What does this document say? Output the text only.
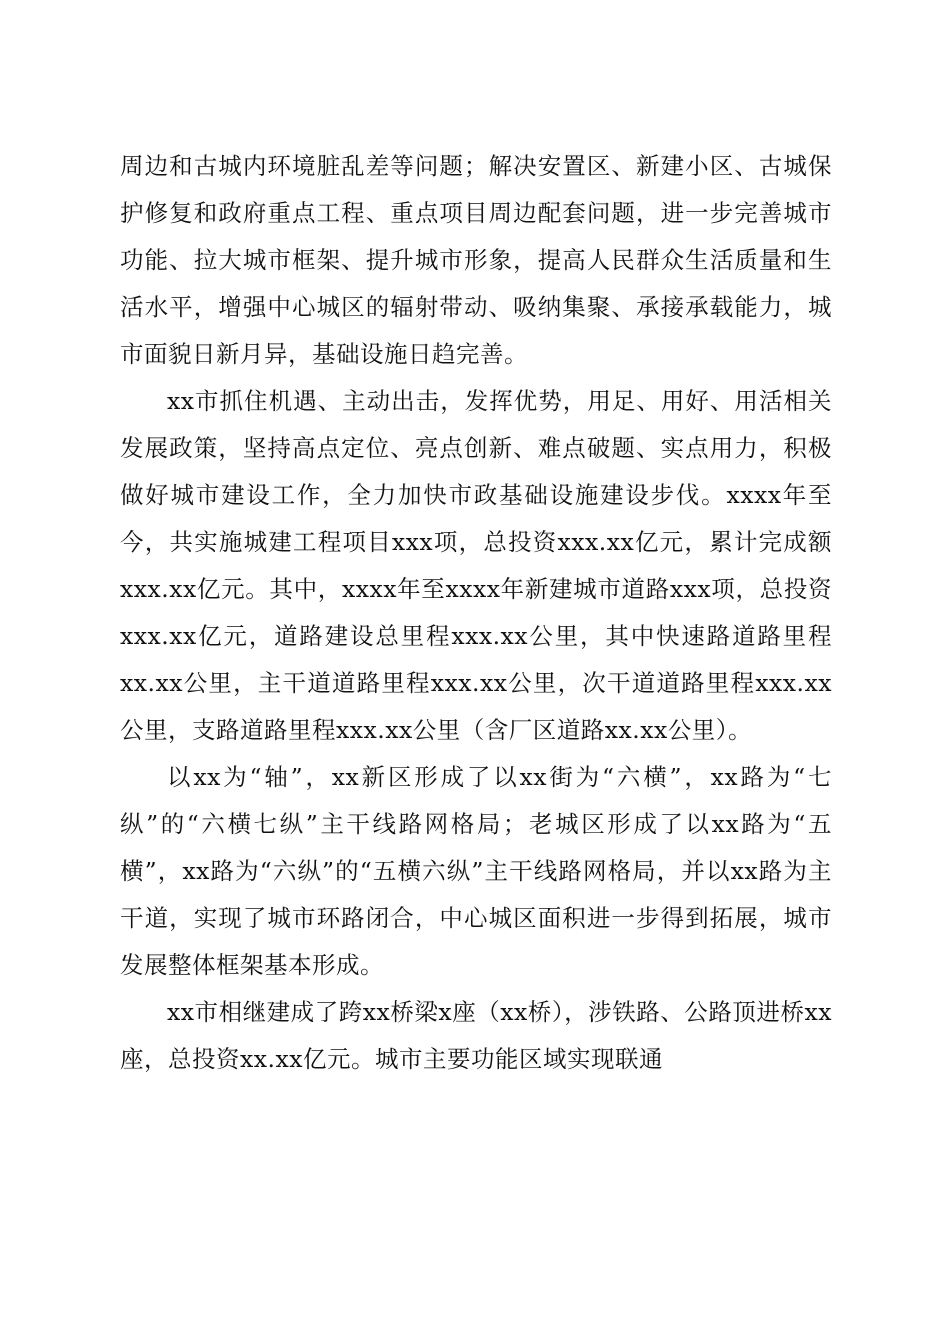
周边和古城内环境脏乱差等问题；解决安置区、新建小区、古城保护修复和政府重点工程、重点项目周边配套问题，进一步完善城市功能、拉大城市框架、提升城市形象，提高人民群众生活质量和生活水平，增强中心城区的辐射带动、吸纳集聚、承接承载能力，城市面貌日新月异，基础设施日趋完善。

xx市抓住机遇、主动出击，发挥优势，用足、用好、用活相关发展政策，坚持高点定位、亮点创新、难点破题、实点用力，积极做好城市建设工作，全力加快市政基础设施建设步伐。xxxx年至今，共实施城建工程项目xxx项，总投资xxx.xx亿元，累计完成额xxx.xx亿元。其中，xxxx年至xxxx年新建城市道路xxx项，总投资xxx.xx亿元，道路建设总里程xxx.xx公里，其中快速路道路里程xx.xx公里，主干道道路里程xxx.xx公里，次干道道路里程xxx.xx公里，支路道路里程xxx.xx公里（含厂区道路xx.xx公里）。

以xx为“轴”，xx新区形成了以xx街为“六横”，xx路为“七纵”的“六横七纵”主干线路网格局；老城区形成了以xx路为“五横”，xx路为“六纵”的“五横六纵”主干线路网格局，并以xx路为主干道，实现了城市环路闭合，中心城区面积进一步得到拓展，城市发展整体框架基本形成。

xx市相继建成了跨xx桥梁x座（xx桥），涉铁路、公路顶进桥xx座，总投资xx.xx亿元。城市主要功能区域实现联通
